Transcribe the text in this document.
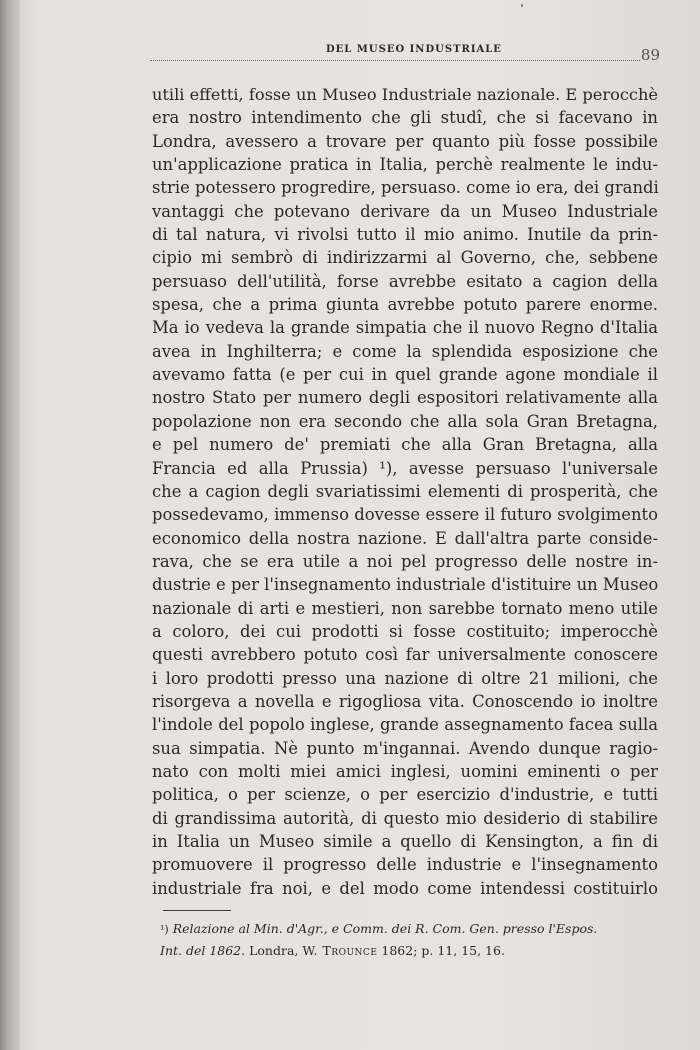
DEL MUSEO INDUSTRIALE	89
utili effetti, fosse un Museo Industriale nazionale. E perocchè
era nostro intendimento che gli studî, che si facevano in
Londra, avessero a trovare per quanto più fosse possibile
un'applicazione pratica in Italia, perchè realmente le indu-
strie potessero progredire, persuaso. come io era, dei grandi
vantaggi che potevano derivare da un Museo Industriale
di tal natura, vi rivolsi tutto il mio animo. Inutile da prin-
cipio mi sembrò di indirizzarmi al Governo, che, sebbene
persuaso dell'utilità, forse avrebbe esitato a cagion della
spesa, che a prima giunta avrebbe potuto parere enorme.
Ma io vedeva la grande simpatia che il nuovo Regno d'Italia
avea in Inghilterra; e come la splendida esposizione che
avevamo fatta (e per cui in quel grande agone mondiale il
nostro Stato per numero degli espositori relativamente alla
popolazione non era secondo che alla sola Gran Bretagna,
e pel numero de' premiati che alla Gran Bretagna, alla
Francia ed alla Prussia) ¹), avesse persuaso l'universale
che a cagion degli svariatissimi elementi di prosperità, che
possedevamo, immenso dovesse essere il futuro svolgimento
economico della nostra nazione. E dall'altra parte conside-
rava, che se era utile a noi pel progresso delle nostre in-
dustrie e per l'insegnamento industriale d'istituire un Museo
nazionale di arti e mestieri, non sarebbe tornato meno utile
a coloro, dei cui prodotti si fosse costituito; imperocchè
questi avrebbero potuto così far universalmente conoscere
i loro prodotti presso una nazione di oltre 21 milioni, che
risorgeva a novella e rigogliosa vita. Conoscendo io inoltre
l'indole del popolo inglese, grande assegnamento facea sulla
sua simpatia. Nè punto m'ingannai. Avendo dunque ragio-
nato con molti miei amici inglesi, uomini eminenti o per
politica, o per scienze, o per esercizio d'industrie, e tutti
di grandissima autorità, di questo mio desiderio di stabilire
in Italia un Museo simile a quello di Kensington, a fin di
promuovere il progresso delle industrie e l'insegnamento
industriale fra noi, e del modo come intendessi costituirlo
¹) Relazione al Min. d'Agr., e Comm. dei R. Com. Gen. presso l'Espos.
Int. del 1862. Londra, W. Trounce 1862; p. 11, 15, 16.
